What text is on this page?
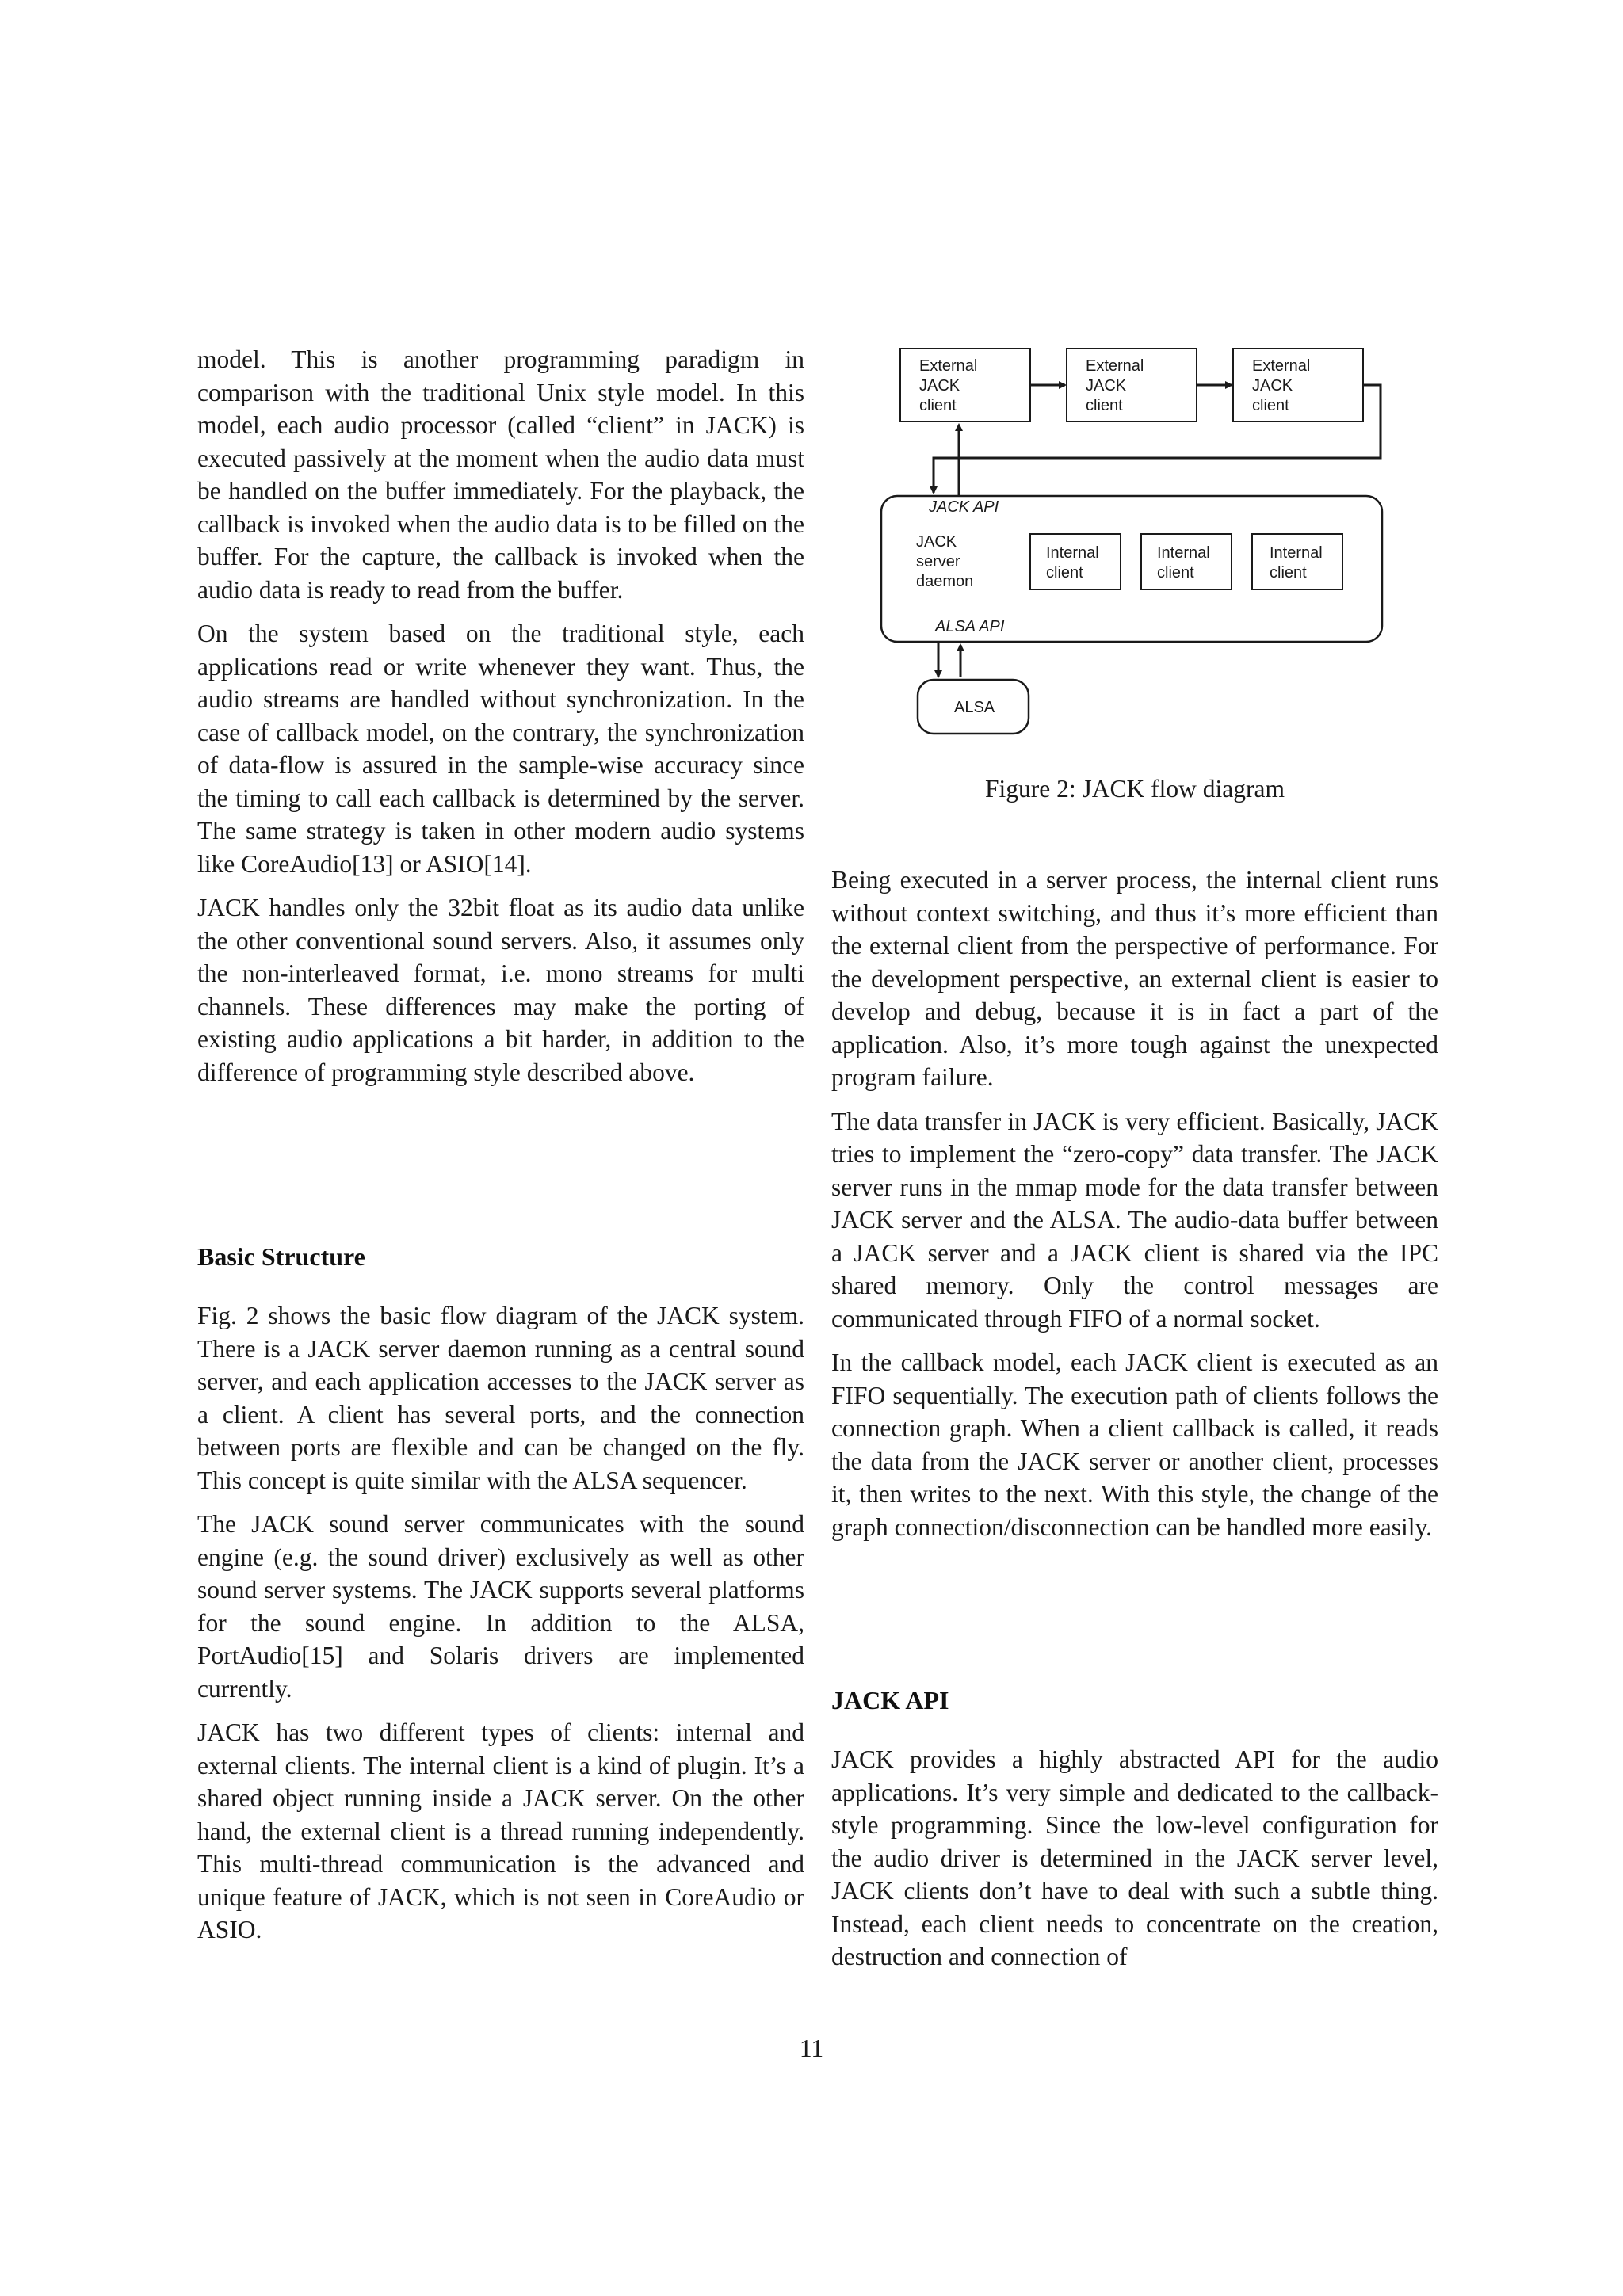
model. This is another programming paradigm in comparison with the traditional Unix style model. In this model, each audio processor (called “client” in JACK) is executed passively at the moment when the audio data must be handled on the buffer immediately. For the playback, the callback is invoked when the audio data is to be filled on the buffer. For the capture, the callback is invoked when the audio data is ready to read from the buffer.

On the system based on the traditional style, each applications read or write whenever they want. Thus, the audio streams are handled without synchronization. In the case of callback model, on the contrary, the synchronization of data-flow is assured in the sample-wise accuracy since the timing to call each callback is determined by the server. The same strategy is taken in other modern audio systems like CoreAudio[13] or ASIO[14].

JACK handles only the 32bit float as its audio data unlike the other conventional sound servers. Also, it assumes only the non-interleaved format, i.e. mono streams for multi channels. These differences may make the porting of existing audio applications a bit harder, in addition to the difference of programming style described above.

Basic Structure

Fig. 2 shows the basic flow diagram of the JACK system. There is a JACK server daemon running as a central sound server, and each application accesses to the JACK server as a client. A client has several ports, and the connection between ports are flexible and can be changed on the fly. This concept is quite similar with the ALSA sequencer.

The JACK sound server communicates with the sound engine (e.g. the sound driver) exclusively as well as other sound server systems. The JACK supports several platforms for the sound engine. In addition to the ALSA, PortAudio[15] and Solaris drivers are implemented currently.

JACK has two different types of clients: internal and external clients. The internal client is a kind of plugin. It’s a shared object running inside a JACK server. On the other hand, the external client is a thread running independently. This multi-thread communication is the advanced and unique feature of JACK, which is not seen in CoreAudio or ASIO.

External
JACK
client
External
JACK
client
External
JACK
client
JACK API
JACK
server
daemon
Internal
client
Internal
client
Internal
client
ALSA API
ALSA
Figure 2: JACK flow diagram

Being executed in a server process, the internal client runs without context switching, and thus it’s more efficient than the external client from the perspective of performance. For the development perspective, an external client is easier to develop and debug, because it is in fact a part of the application. Also, it’s more tough against the unexpected program failure.

The data transfer in JACK is very efficient. Basically, JACK tries to implement the “zero-copy” data transfer. The JACK server runs in the mmap mode for the data transfer between JACK server and the ALSA. The audio-data buffer between a JACK server and a JACK client is shared via the IPC shared memory. Only the control messages are communicated through FIFO of a normal socket.

In the callback model, each JACK client is executed as an FIFO sequentially. The execution path of clients follows the connection graph. When a client callback is called, it reads the data from the JACK server or another client, processes it, then writes to the next. With this style, the change of the graph connection/disconnection can be handled more easily.

JACK API

JACK provides a highly abstracted API for the audio applications. It’s very simple and dedicated to the callback-style programming. Since the low-level configuration for the audio driver is determined in the JACK server level, JACK clients don’t have to deal with such a subtle thing. Instead, each client needs to concentrate on the creation, destruction and connection of

11
